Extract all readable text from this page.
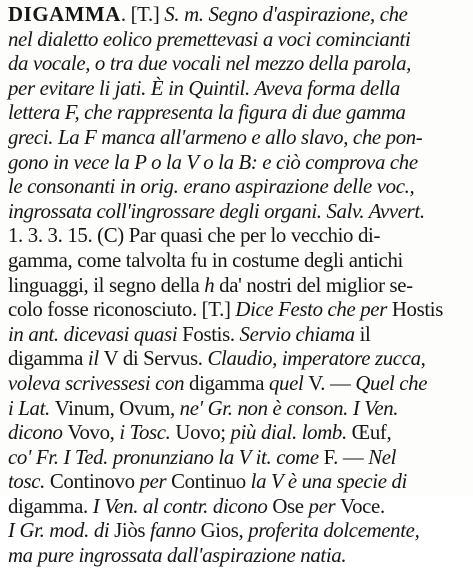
DIGAMMA. [T.] S. m. Segno d'aspirazione, che
nel dialetto eolico premettevasi a voci comincianti
da vocale, o tra due vocali nel mezzo della parola,
per evitare li jati. È in Quintil. Aveva forma della
lettera F, che rappresenta la figura di due gamma
greci. La F manca all'armeno e allo slavo, che pon-
gono in vece la P o la V o la B: e ciò comprova che
le consonanti in orig. erano aspirazione delle voc.,
ingrossata coll'ingrossare degli organi. Salv. Avvert.
1. 3. 3. 15. (C) Par quasi che per lo vecchio di-
gamma, come talvolta fu in costume degli antichi
linguaggi, il segno della h da' nostri del miglior se-
colo fosse riconosciuto. [T.] Dice Festo che per Hostis
in ant. dicevasi quasi Fostis. Servio chiama il
digamma il V di Servus. Claudio, imperatore zucca,
voleva scrivessesi con digamma quel V. — Quel che
i Lat. Vinum, Ovum, ne' Gr. non è conson. I Ven.
dicono Vovo, i Tosc. Uovo; più dial. lomb. Œuf,
co' Fr. I Ted. pronunziano la V it. come F. — Nel
tosc. Continovo per Continuo la V è una specie di
digamma. I Ven. al contr. dicono Ose per Voce.
I Gr. mod. di Jiòs fanno Gios, proferita dolcemente,
ma pure ingrossata dall'aspirazione natia.
